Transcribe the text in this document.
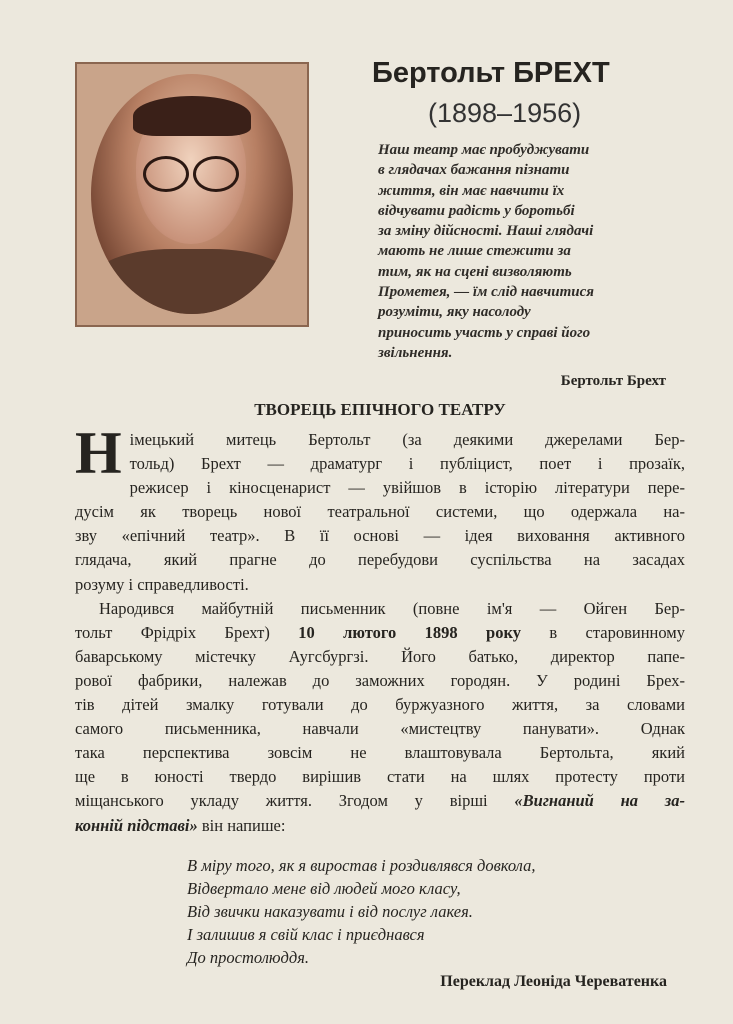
Бертольт БРЕХТ
(1898–1956)
Наш театр має пробуджувати
в глядачах бажання пізнати
життя, він має навчити їх
відчувати радість у боротьбі
за зміну дійсності. Наші глядачі
мають не лише стежити за
тим, як на сцені визволяють
Прометея, — їм слід навчитися
розуміти, яку насолоду
приносить участь у справі його
звільнення.
Бертольт Брехт
ТВОРЕЦЬ ЕПІЧНОГО ТЕАТРУ
Н імецький митець Бертольт (за деякими джерелами Бер-
тольд) Брехт — драматург і публіцист, поет і прозаїк,
режисер і кіносценарист — увійшов в історію літератури пере-
дусім як творець нової театральної системи, що одержала на-
зву «епічний театр». В її основі — ідея виховання активного
глядача, який прагне до перебудови суспільства на засадах
розуму і справедливості.
Народився майбутній письменник (повне ім'я — Ойген Бер-
тольт Фрідріх Брехт) 10 лютого 1898 року в старовинному
баварському містечку Аугсбургзі. Його батько, директор папе-
рової фабрики, належав до заможних городян. У родині Брех-
тів дітей змалку готували до буржуазного життя, за словами
самого письменника, навчали «мистецтву панувати». Однак
така перспектива зовсім не влаштовувала Бертольта, який
ще в юності твердо вирішив стати на шлях протесту проти
міщанського укладу життя. Згодом у вірші «Вигнаний на за-
конній підставі» він напише:
В міру того, як я виростав і роздивлявся довкола,
Відвертало мене від людей мого класу,
Від звички наказувати і від послуг лакея.
І залишив я свій клас і приєднався
До простолюддя.
Переклад Леоніда Череватенка
